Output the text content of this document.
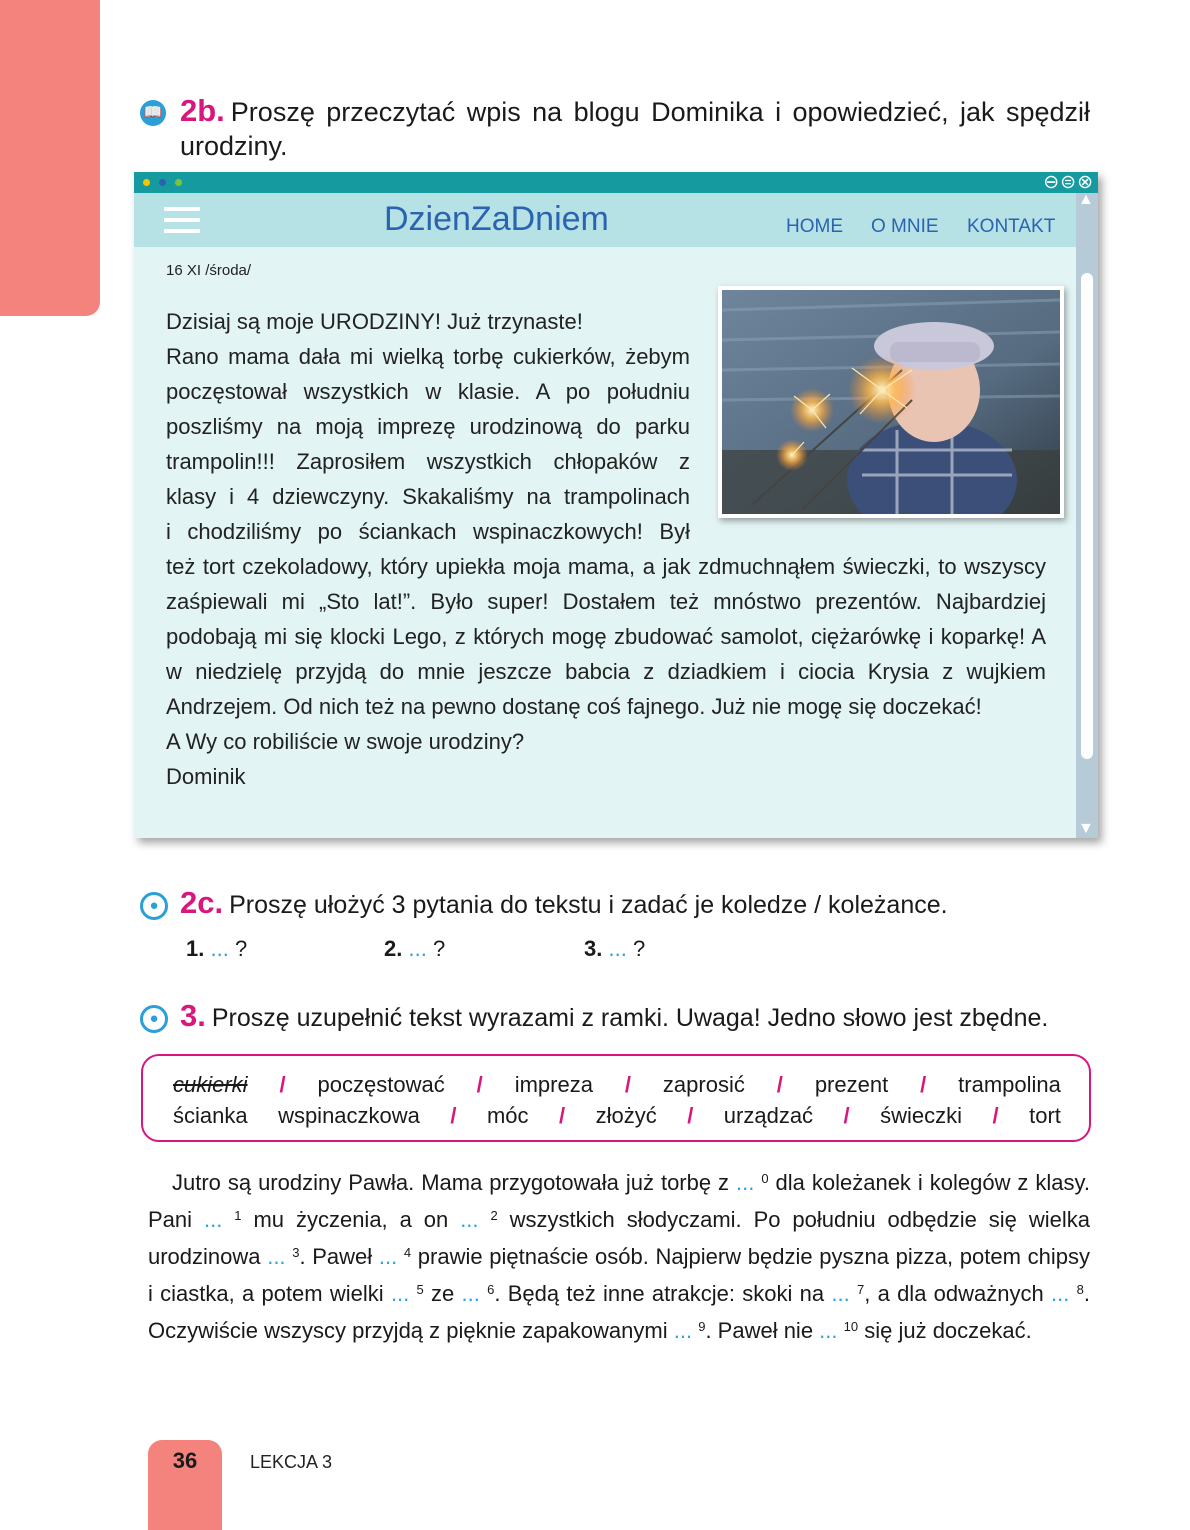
📖 2b. Proszę przeczytać wpis na blogu Dominika i opowiedzieć, jak spędził
urodziny.
⊖⊜⊗
DzienZaDniem	HOME O MNIE KONTAKT
▲
▼
16 XI /środa/
Dzisiaj są moje URODZINY! Już trzynaste!
Rano mama dała mi wielką torbę cukierków, żebym
poczęstował wszystkich w klasie. A po południu
poszliśmy na moją imprezę urodzinową do parku
trampolin!!! Zaprosiłem wszystkich chłopaków z
klasy i 4 dziewczyny. Skakaliśmy na trampolinach
i chodziliśmy po ściankach wspinaczkowych! Był

też tort czekoladowy, który upiekła moja mama, a jak zdmuchnąłem świeczki, to wszyscy zaśpiewali mi „Sto lat!”. Było super! Dostałem też mnóstwo prezentów. Najbardziej podobają mi się klocki Lego, z których mogę zbudować samolot, ciężarówkę i koparkę! A w niedzielę przyjdą do mnie jeszcze babcia z dziadkiem i ciocia Krysia z wujkiem Andrzejem. Od nich też na pewno dostanę coś fajnego. Już nie mogę się doczekać!

A Wy co robiliście w swoje urodziny?
Dominik
● 2c. Proszę ułożyć 3 pytania do tekstu i zadać je koledze / koleżance.
1. ... ?	2. ... ?	3. ... ?
● 3. Proszę uzupełnić tekst wyrazami z ramki. Uwaga! Jedno słowo jest zbędne.
cukierki / poczęstować / impreza / zaprosić / prezent / trampolina
ścianka wspinaczkowa / móc / złożyć / urządzać / świeczki / tort
Jutro są urodziny Pawła. Mama przygotowała już torbę z ... $^0$ dla koleżanek i kolegów z klasy. Pani ... $^1$ mu życzenia, a on ... $^2$ wszystkich słodyczami. Po południu odbędzie się wielka urodzinowa ... $^3$. Paweł ... $^4$ prawie piętnaście osób. Najpierw będzie pyszna pizza, potem chipsy i ciastka, a potem wielki ... $^5$ ze ... $^6$. Będą też inne atrakcje: skoki na ... $^7$, a dla odważnych ... $^8$. Oczywiście wszyscy przyjdą z pięknie zapakowanymi ... $^9$. Paweł nie ... $^{10}$ się już doczekać.
36	LEKCJA 3
